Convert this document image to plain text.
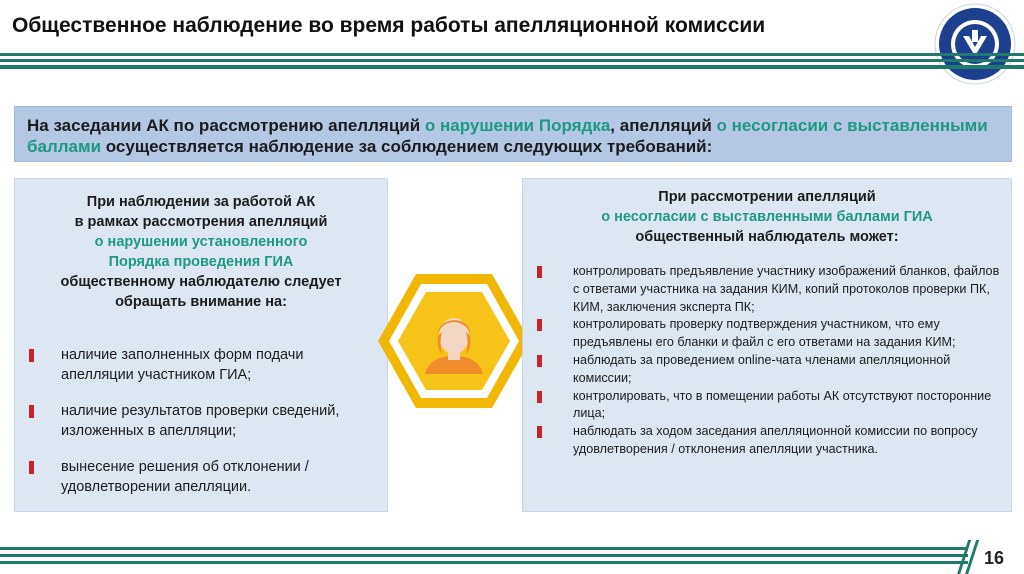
Общественное наблюдение во время работы апелляционной комиссии
На заседании АК по рассмотрению апелляций о нарушении Порядка, апелляций о несогласии с выставленными баллами осуществляется наблюдение за соблюдением следующих требований:
При наблюдении за работой АК
в рамках рассмотрения апелляций
о нарушении установленного
Порядка проведения ГИА
общественному наблюдателю следует
обращать внимание на:
наличие заполненных форм подачи апелляции участником ГИА;
наличие результатов проверки сведений, изложенных в апелляции;
вынесение решения об отклонении / удовлетворении апелляции.
При рассмотрении апелляций
о несогласии с выставленными баллами ГИА
общественный наблюдатель может:
контролировать предъявление участнику изображений бланков, файлов с ответами участника на задания КИМ, копий протоколов проверки ПК, КИМ, заключения эксперта ПК;
контролировать проверку подтверждения участником, что ему предъявлены его бланки и файл с его ответами на задания КИМ;
наблюдать за проведением online-чата членами апелляционной комиссии;
контролировать, что в помещении работы АК отсутствуют посторонние лица;
наблюдать за ходом заседания апелляционной комиссии по вопросу удовлетворения / отклонения апелляции участника.
16
